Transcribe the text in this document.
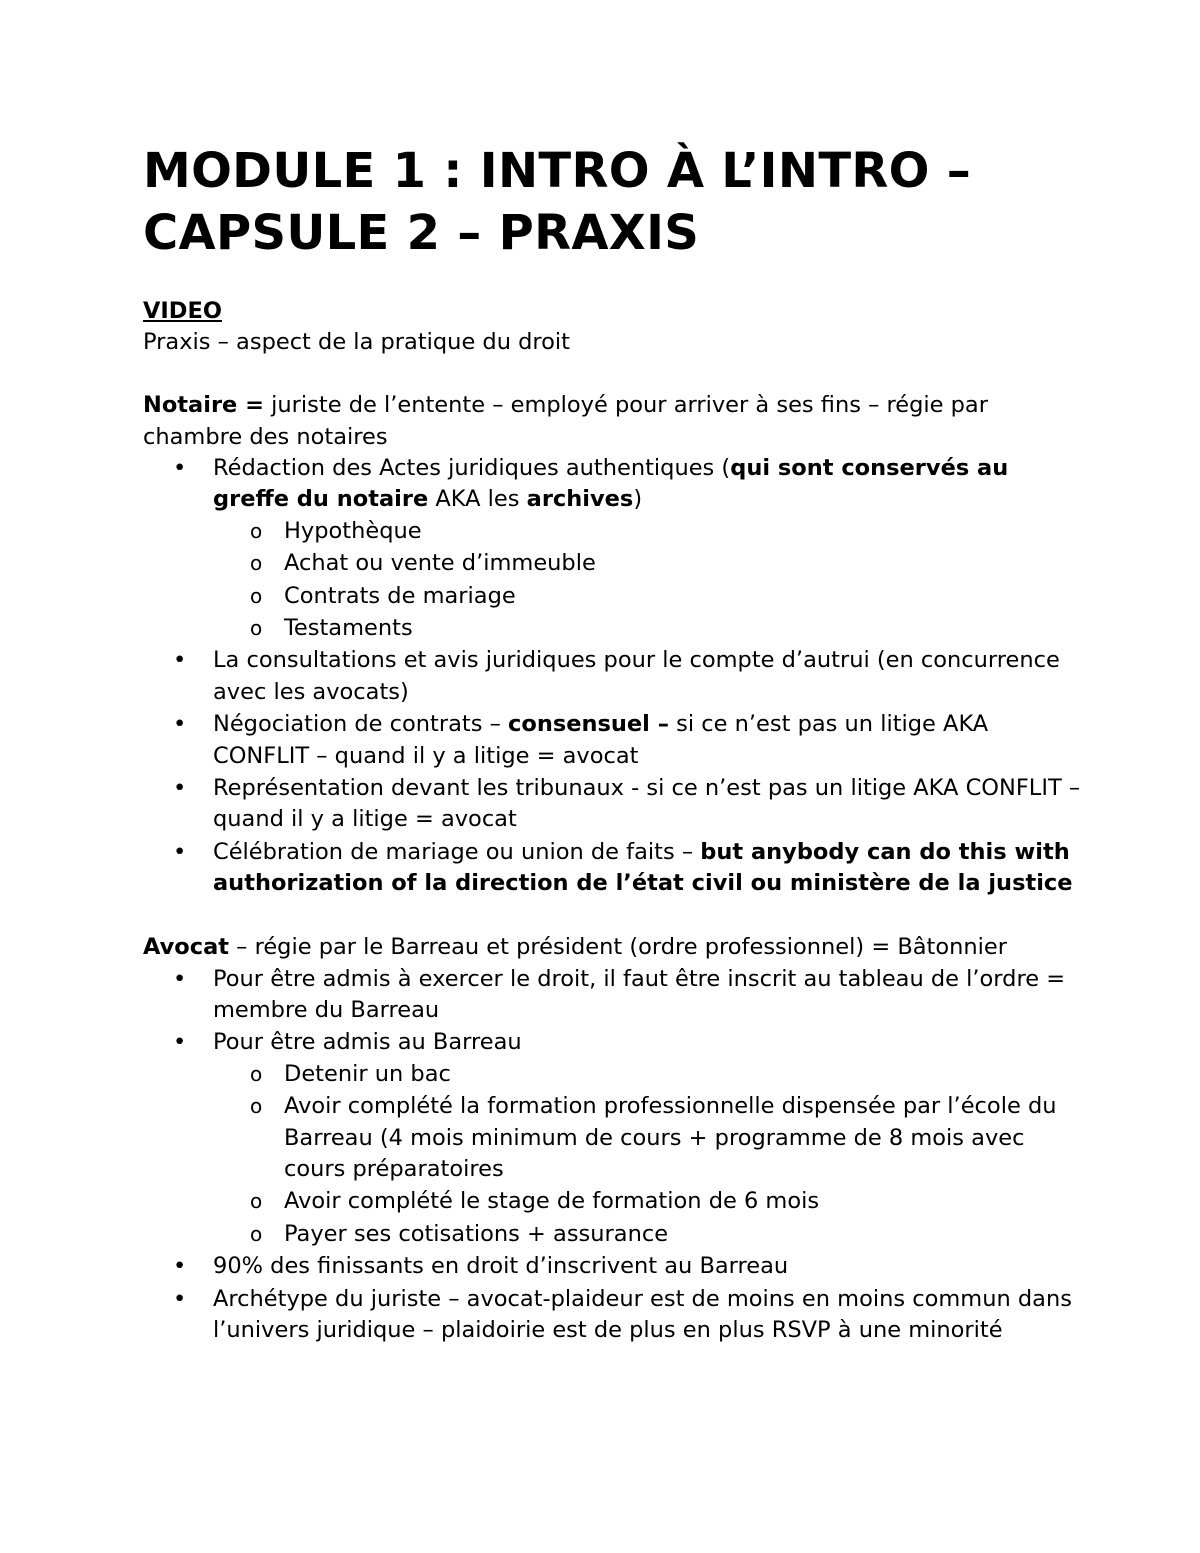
MODULE 1 : INTRO À L’INTRO –
CAPSULE 2 – PRAXIS

VIDEO

Praxis – aspect de la pratique du droit

Notaire = juriste de l’entente – employé pour arriver à ses fins – régie par chambre des notaires

• Rédaction des Actes juridiques authentiques (qui sont conservés au greffe du notaire AKA les archives)
o Hypothèque
o Achat ou vente d’immeuble
o Contrats de mariage
o Testaments
• La consultations et avis juridiques pour le compte d’autrui (en concurrence avec les avocats)
• Négociation de contrats – consensuel – si ce n’est pas un litige AKA CONFLIT – quand il y a litige = avocat
• Représentation devant les tribunaux - si ce n’est pas un litige AKA CONFLIT – quand il y a litige = avocat
• Célébration de mariage ou union de faits – but anybody can do this with authorization of la direction de l’état civil ou ministère de la justice

Avocat – régie par le Barreau et président (ordre professionnel) = Bâtonnier

• Pour être admis à exercer le droit, il faut être inscrit au tableau de l’ordre = membre du Barreau
• Pour être admis au Barreau
o Detenir un bac
o Avoir complété la formation professionnelle dispensée par l’école du Barreau (4 mois minimum de cours + programme de 8 mois avec cours préparatoires
o Avoir complété le stage de formation de 6 mois
o Payer ses cotisations + assurance
• 90% des finissants en droit d’inscrivent au Barreau
• Archétype du juriste – avocat-plaideur est de moins en moins commun dans l’univers juridique – plaidoirie est de plus en plus RSVP à une minorité
